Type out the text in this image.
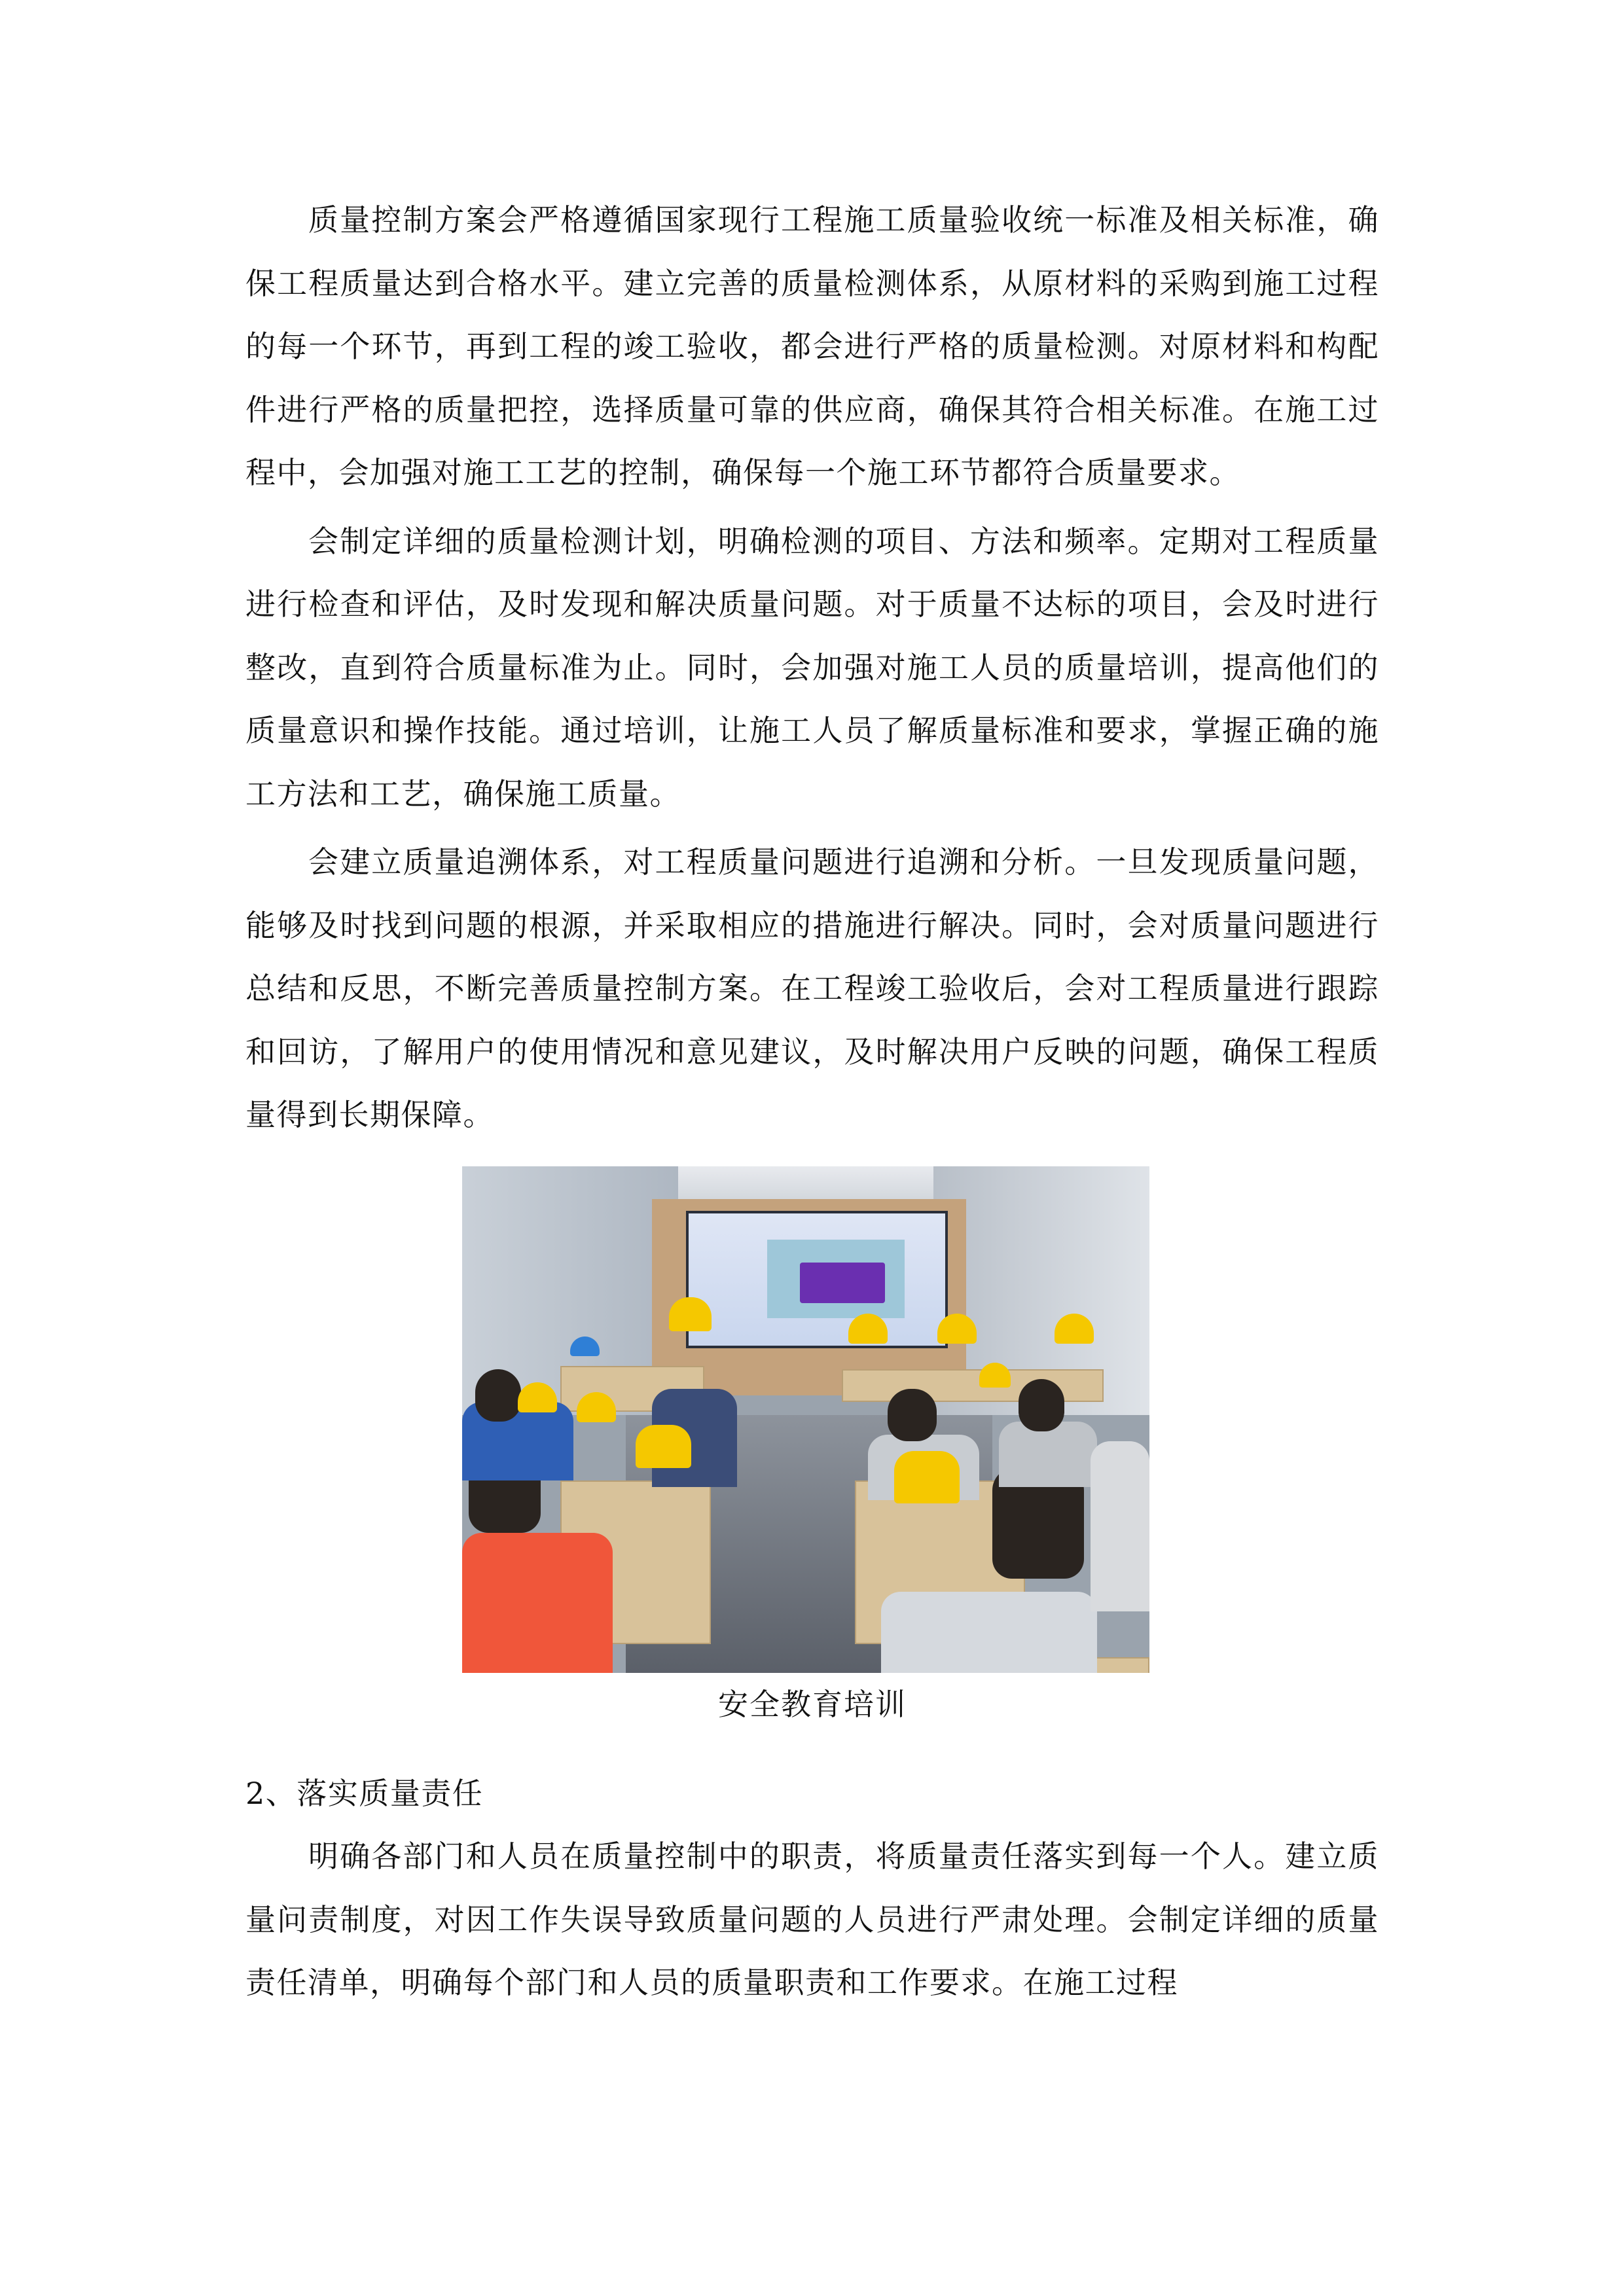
质量控制方案会严格遵循国家现行工程施工质量验收统一标准及相关标准，确保工程质量达到合格水平。建立完善的质量检测体系，从原材料的采购到施工过程的每一个环节，再到工程的竣工验收，都会进行严格的质量检测。对原材料和构配件进行严格的质量把控，选择质量可靠的供应商，确保其符合相关标准。在施工过程中，会加强对施工工艺的控制，确保每一个施工环节都符合质量要求。

会制定详细的质量检测计划，明确检测的项目、方法和频率。定期对工程质量进行检查和评估，及时发现和解决质量问题。对于质量不达标的项目，会及时进行整改，直到符合质量标准为止。同时，会加强对施工人员的质量培训，提高他们的质量意识和操作技能。通过培训，让施工人员了解质量标准和要求，掌握正确的施工方法和工艺，确保施工质量。

会建立质量追溯体系，对工程质量问题进行追溯和分析。一旦发现质量问题，能够及时找到问题的根源，并采取相应的措施进行解决。同时，会对质量问题进行总结和反思，不断完善质量控制方案。在工程竣工验收后，会对工程质量进行跟踪和回访，了解用户的使用情况和意见建议，及时解决用户反映的问题，确保工程质量得到长期保障。

安全教育培训

2、落实质量责任

明确各部门和人员在质量控制中的职责，将质量责任落实到每一个人。建立质量问责制度，对因工作失误导致质量问题的人员进行严肃处理。会制定详细的质量责任清单，明确每个部门和人员的质量职责和工作要求。在施工过程
